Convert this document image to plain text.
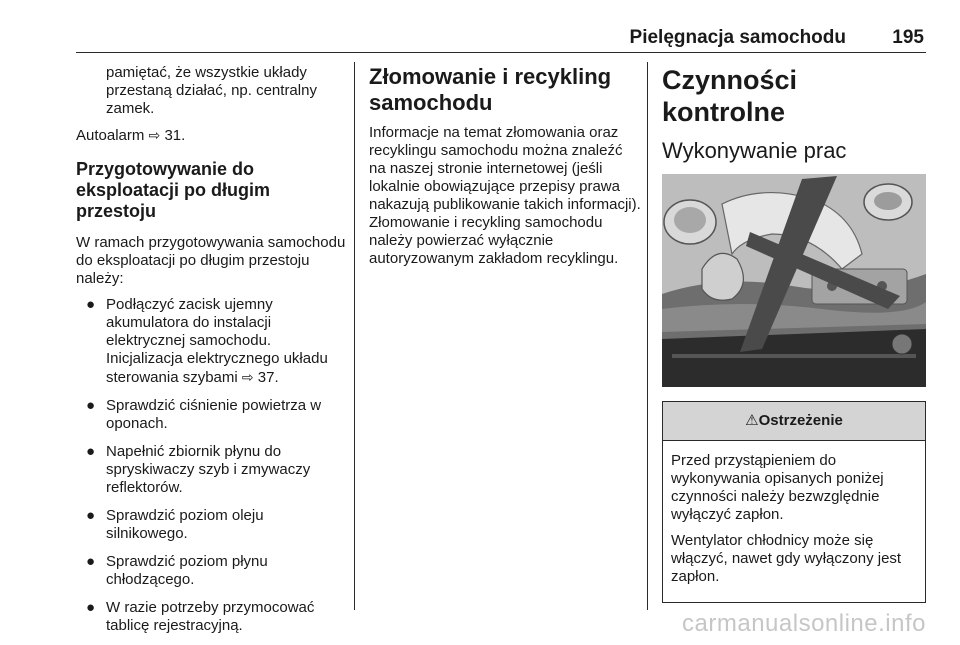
Pielęgnacja samochodu 195

pamiętać, że wszystkie układy przestaną działać, np. centralny zamek.

Autoalarm ⇨ 31.

Przygotowywanie do eksploatacji po długim przestoju

W ramach przygotowywania samochodu do eksploatacji po długim przestoju należy:

● Podłączyć zacisk ujemny akumulatora do instalacji elektrycznej samochodu. Inicjalizacja elektrycznego układu sterowania szybami ⇨ 37.
● Sprawdzić ciśnienie powietrza w oponach.
● Napełnić zbiornik płynu do spryskiwaczy szyb i zmywaczy reflektorów.
● Sprawdzić poziom oleju silnikowego.
● Sprawdzić poziom płynu chłodzącego.
● W razie potrzeby przymocować tablicę rejestracyjną.

Złomowanie i recykling samochodu

Informacje na temat złomowania oraz recyklingu samochodu można znaleźć na naszej stronie internetowej (jeśli lokalnie obowiązujące przepisy prawa nakazują publikowanie takich informacji). Złomowanie i recykling samochodu należy powierzać wyłącznie autoryzowanym zakładom recyklingu.

Czynności kontrolne

Wykonywanie prac

⚠Ostrzeżenie

Przed przystąpieniem do wykonywania opisanych poniżej czynności należy bezwzględnie wyłączyć zapłon.

Wentylator chłodnicy może się włączyć, nawet gdy wyłączony jest zapłon.

carmanualsonline.info
